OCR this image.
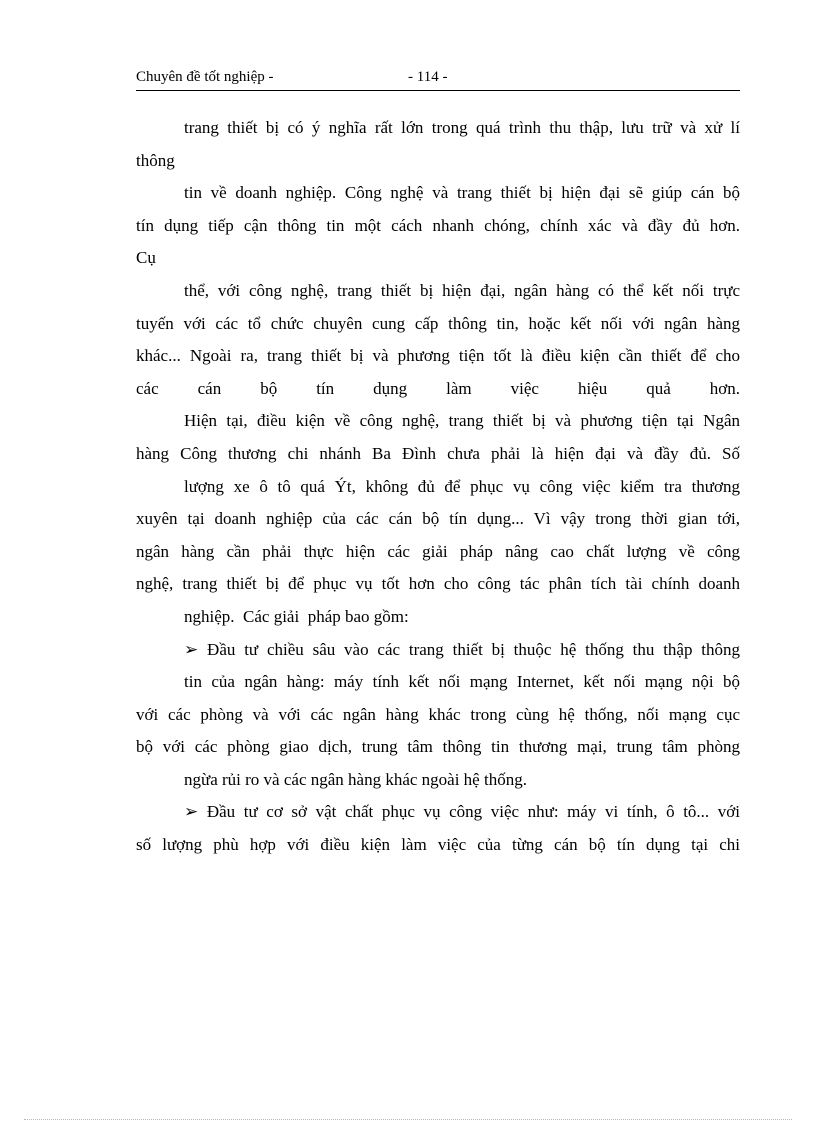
Chuyên đề tốt nghiệp -	- 114 -
trang thiết bị có ý nghĩa rất lớn trong quá trình thu thập, lưu trữ và xử lí
thông
tin về doanh nghiệp. Công nghệ và trang thiết bị hiện đại sẽ giúp cán bộ
tín dụng tiếp cận thông tin một cách nhanh chóng, chính xác và đầy đủ hơn.
Cụ
thể, với công nghệ, trang thiết bị hiện đại, ngân hàng có thể kết nối trực
tuyến với các tổ chức chuyên cung cấp thông tin, hoặc kết nối với ngân hàng
khác... Ngoài ra, trang thiết bị và phương tiện tốt là điều kiện cần thiết để cho
các cán bộ tín dụng làm việc hiệu quả hơn.
Hiện tại, điều kiện về công nghệ, trang thiết bị và phương tiện tại Ngân
hàng Công thương chi nhánh Ba Đình chưa phải là hiện đại và đầy đủ. Số
lượng xe ô tô quá Ýt, không đủ để phục vụ công việc kiểm tra thương
xuyên tại doanh nghiệp của các cán bộ tín dụng... Vì vậy trong thời gian tới,
ngân hàng cần phải thực hiện các giải pháp nâng cao chất lượng về công
nghệ, trang thiết bị để phục vụ tốt hơn cho công tác phân tích tài chính doanh
nghiệp.  Các giải  pháp bao gồm:
➢ Đầu tư chiều sâu vào các trang thiết bị thuộc hệ thống thu thập thông
tin của ngân hàng: máy tính kết nối mạng Internet, kết nối mạng nội bộ
với các phòng và với các ngân hàng khác trong cùng hệ thống, nối mạng cục
bộ với các phòng giao dịch, trung tâm thông tin thương mại, trung tâm phòng
ngừa rủi ro và các ngân hàng khác ngoài hệ thống.
➢ Đầu tư cơ sở vật chất phục vụ công việc như: máy vi tính, ô tô... với
số lượng phù hợp với điều kiện làm việc của từng cán bộ tín dụng tại chi
